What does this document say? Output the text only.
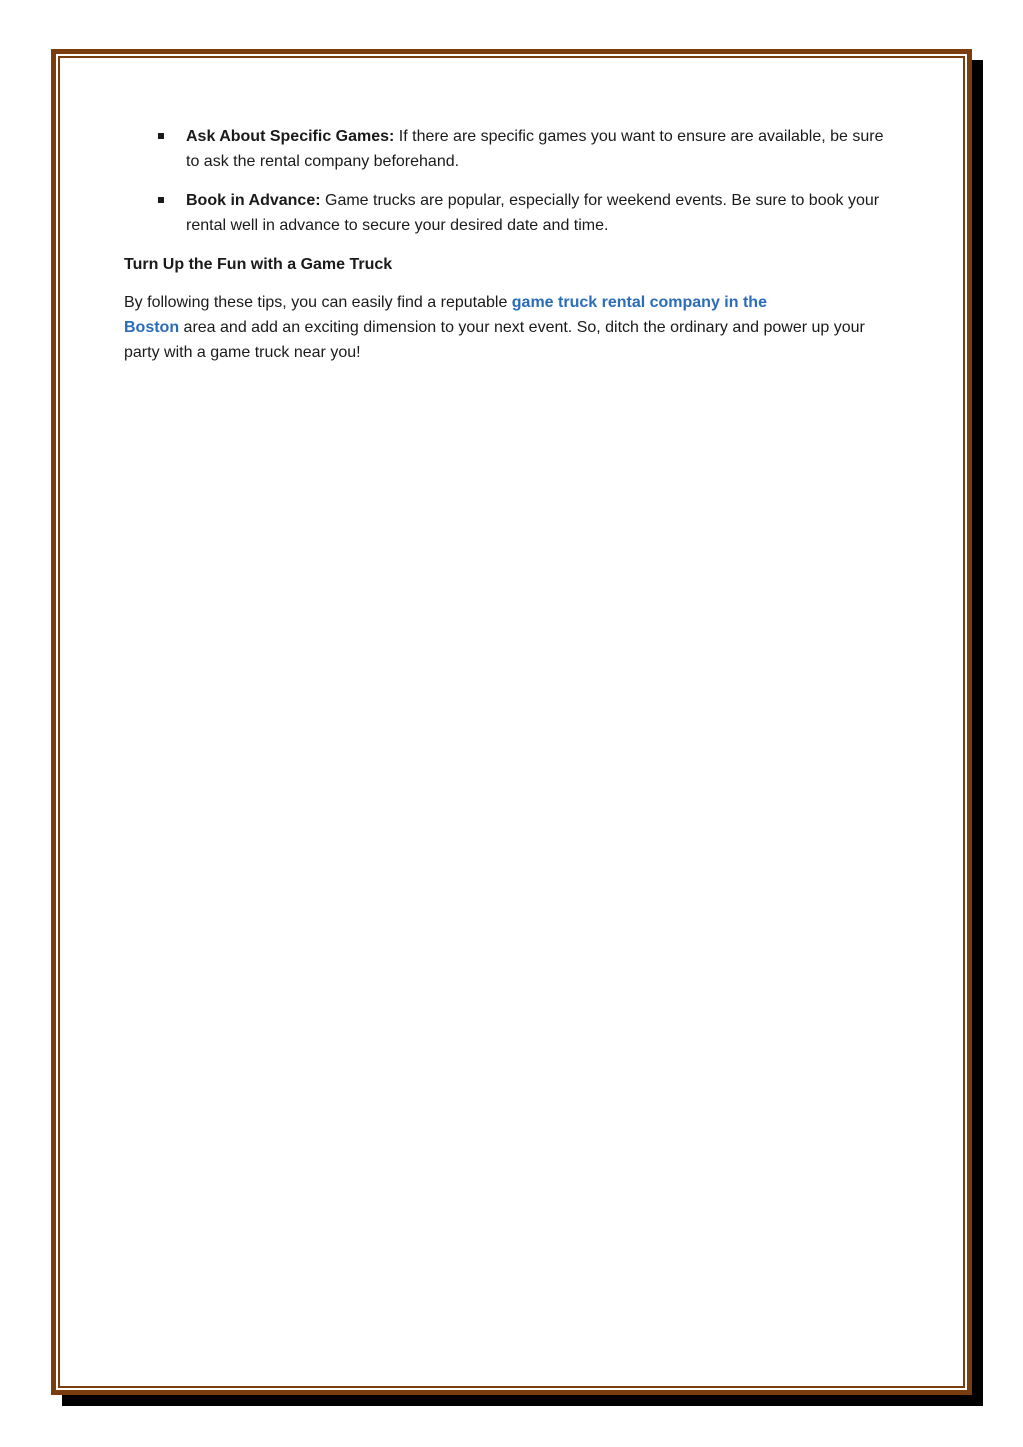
Ask About Specific Games: If there are specific games you want to ensure are available, be sure to ask the rental company beforehand.
Book in Advance: Game trucks are popular, especially for weekend events. Be sure to book your rental well in advance to secure your desired date and time.

Turn Up the Fun with a Game Truck

By following these tips, you can easily find a reputable game truck rental company in the
Boston area and add an exciting dimension to your next event. So, ditch the ordinary and power up your party with a game truck near you!
